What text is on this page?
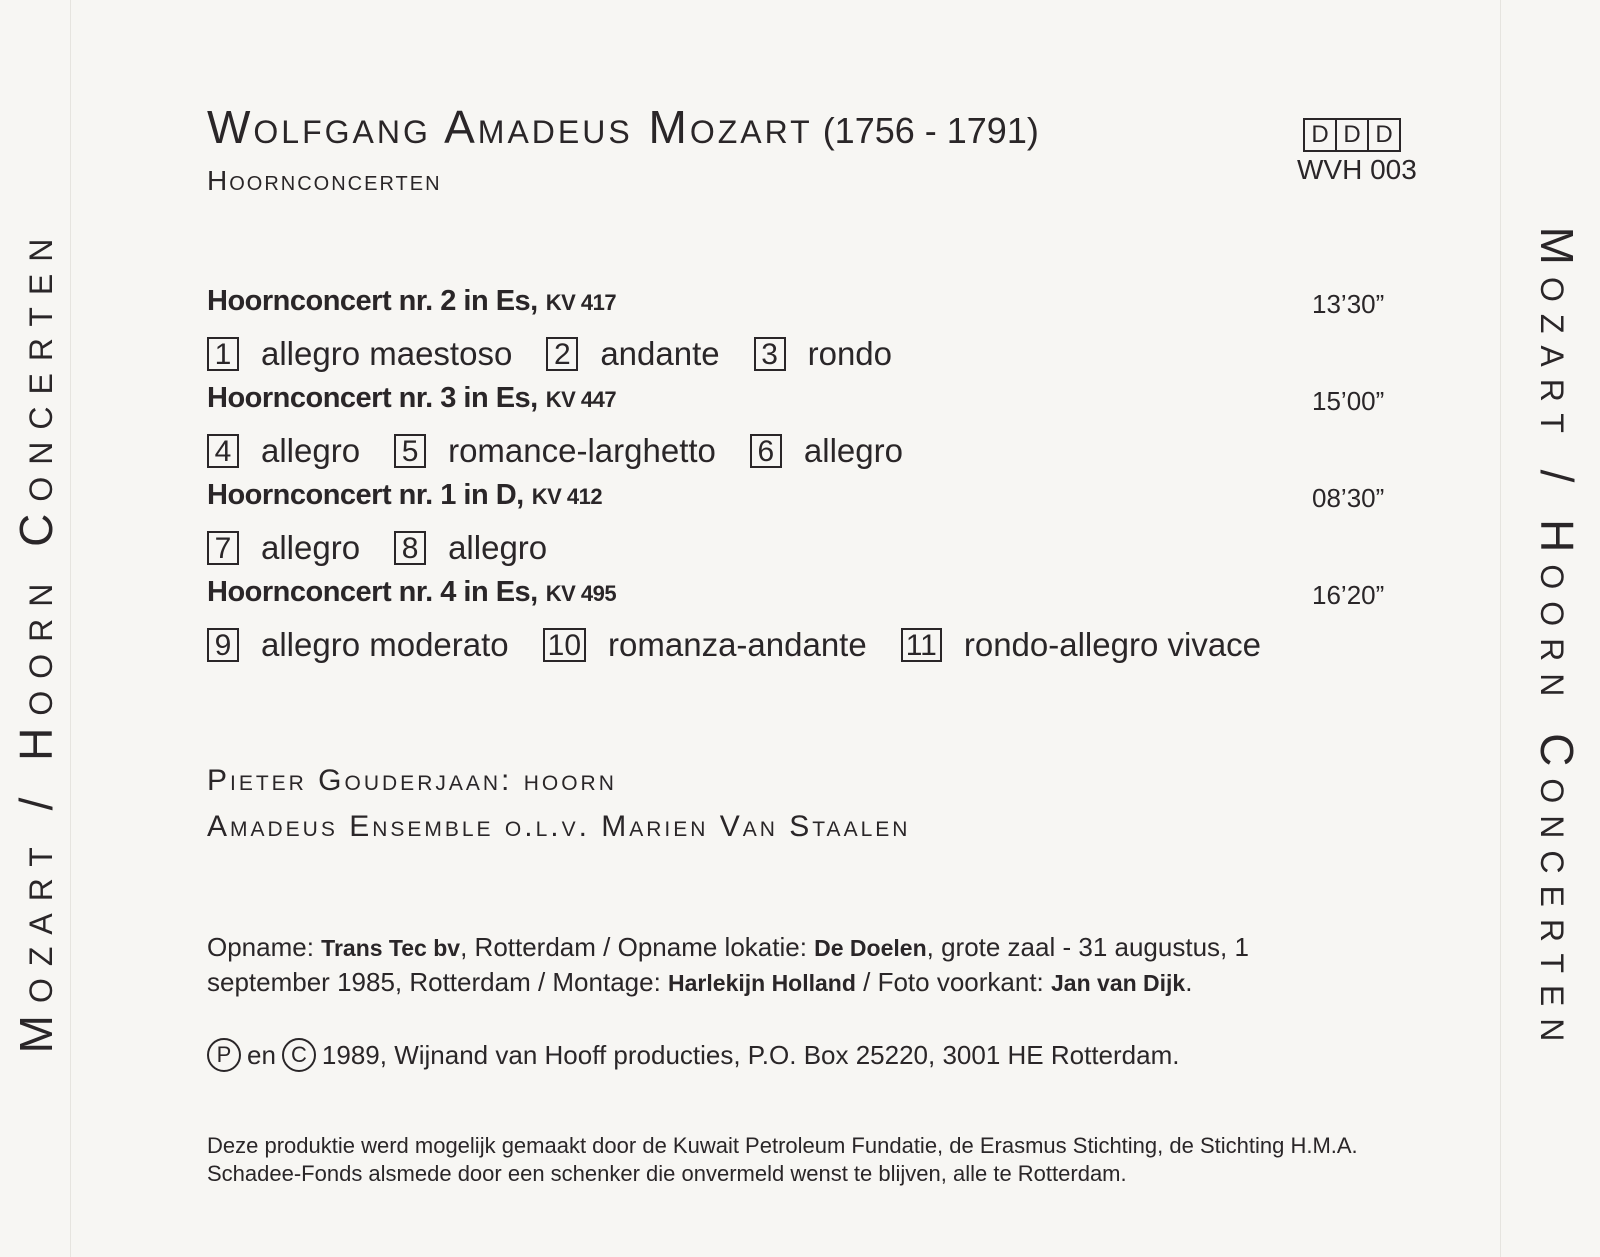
Mozart / Hoorn Concerten	Mozart / Hoorn Concerten
Wolfgang Amadeus Mozart (1756 - 1791)
Hoornconcerten
D D D
WVH 003
Hoornconcert nr. 2 in Es, KV 417	13’30”
1 allegro maestoso 2 andante 3 rondo
Hoornconcert nr. 3 in Es, KV 447	15’00”
4 allegro 5 romance-larghetto 6 allegro
Hoornconcert nr. 1 in D, KV 412	08’30”
7 allegro 8 allegro
Hoornconcert nr. 4 in Es, KV 495	16’20”
9 allegro moderato 10 romanza-andante 11 rondo-allegro vivace
Pieter Gouderjaan: hoorn
Amadeus Ensemble o.l.v. Marien Van Staalen
Opname: Trans Tec bv, Rotterdam / Opname lokatie: De Doelen, grote zaal - 31 augustus, 1 september 1985, Rotterdam / Montage: Harlekijn Holland / Foto voorkant: Jan van Dijk.
P en C 1989, Wijnand van Hooff producties, P.O. Box 25220, 3001 HE Rotterdam.
Deze produktie werd mogelijk gemaakt door de Kuwait Petroleum Fundatie, de Erasmus Stichting, de Stichting H.M.A. Schadee-Fonds alsmede door een schenker die onvermeld wenst te blijven, alle te Rotterdam.
